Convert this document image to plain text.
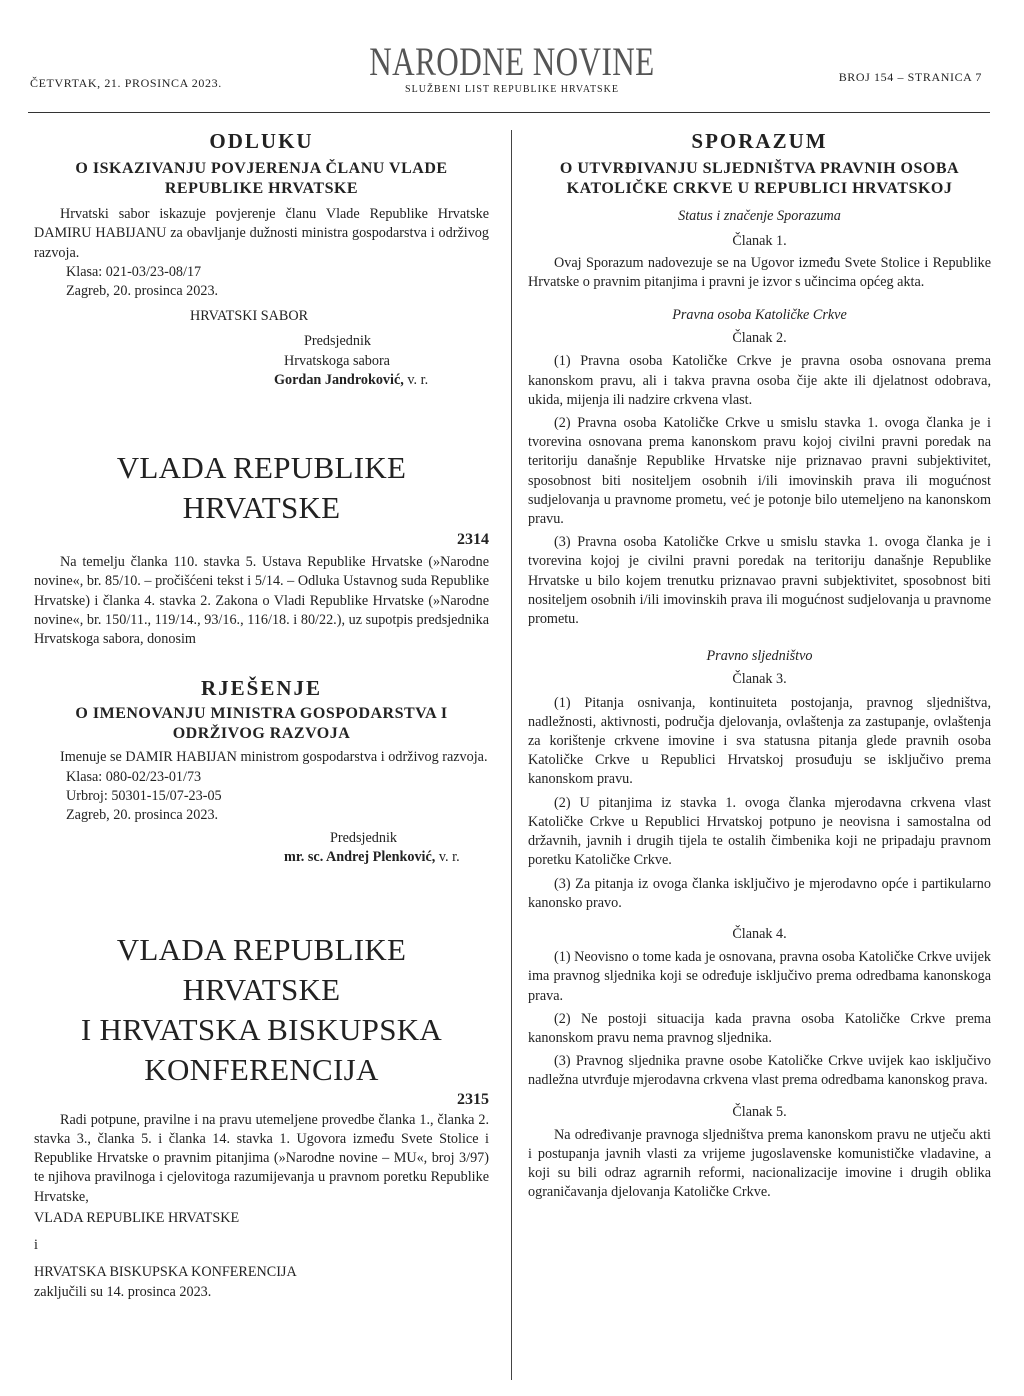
ČETVRTAK, 21. PROSINCA 2023.	NARODNE NOVINE
SLUŽBENI LIST REPUBLIKE HRVATSKE
BROJ 154 – STRANICA 7
ODLUKU
O ISKAZIVANJU POVJERENJA ČLANU VLADE REPUBLIKE HRVATSKE

Hrvatski sabor iskazuje povjerenje članu Vlade Republike Hrvatske DAMIRU HABIJANU za obavljanje dužnosti ministra gospodarstva i održivog razvoja.

Klasa: 021-03/23-08/17
Zagreb, 20. prosinca 2023.
HRVATSKI SABOR
Predsjednik
Hrvatskoga sabora
Gordan Jandroković, v. r.
VLADA REPUBLIKE HRVATSKE
2314

Na temelju članka 110. stavka 5. Ustava Republike Hrvatske (»Narodne novine«, br. 85/10. – pročišćeni tekst i 5/14. – Odluka Ustavnog suda Republike Hrvatske) i članka 4. stavka 2. Zakona o Vladi Republike Hrvatske (»Narodne novine«, br. 150/11., 119/14., 93/16., 116/18. i 80/22.), uz supotpis predsjednika Hrvatskoga sabora, donosim

RJEŠENJE
O IMENOVANJU MINISTRA GOSPODARSTVA I ODRŽIVOG RAZVOJA

Imenuje se DAMIR HABIJAN ministrom gospodarstva i održivog razvoja.

Klasa: 080-02/23-01/73
Urbroj: 50301-15/07-23-05
Zagreb, 20. prosinca 2023.
Predsjednik
mr. sc. Andrej Plenković, v. r.
VLADA REPUBLIKE HRVATSKE
I HRVATSKA BISKUPSKA
KONFERENCIJA
2315

Radi potpune, pravilne i na pravu utemeljene provedbe članka 1., članka 2. stavka 3., članka 5. i članka 14. stavka 1. Ugovora između Svete Stolice i Republike Hrvatske o pravnim pitanjima (»Narodne novine – MU«, broj 3/97) te njihova pravilnoga i cjelovitoga razumijevanja u pravnom poretku Republike Hrvatske,

VLADA REPUBLIKE HRVATSKE
i
HRVATSKA BISKUPSKA KONFERENCIJA
zaključili su 14. prosinca 2023.
SPORAZUM
O UTVRĐIVANJU SLJEDNIŠTVA PRAVNIH OSOBA KATOLIČKE CRKVE U REPUBLICI HRVATSKOJ
Status i značenje Sporazuma
Članak 1.

Ovaj Sporazum nadovezuje se na Ugovor između Svete Stolice i Republike Hrvatske o pravnim pitanjima i pravni je izvor s učincima općeg akta.

Pravna osoba Katoličke Crkve
Članak 2.

(1) Pravna osoba Katoličke Crkve je pravna osoba osnovana prema kanonskom pravu, ali i takva pravna osoba čije akte ili djelatnost odobrava, ukida, mijenja ili nadzire crkvena vlast.

(2) Pravna osoba Katoličke Crkve u smislu stavka 1. ovoga članka je i tvorevina osnovana prema kanonskom pravu kojoj civilni pravni poredak na teritoriju današnje Republike Hrvatske nije priznavao pravni subjektivitet, sposobnost biti nositeljem osobnih i/ili imovinskih prava ili mogućnost sudjelovanja u pravnome prometu, već je potonje bilo utemeljeno na kanonskom pravu.

(3) Pravna osoba Katoličke Crkve u smislu stavka 1. ovoga članka je i tvorevina kojoj je civilni pravni poredak na teritoriju današnje Republike Hrvatske u bilo kojem trenutku priznavao pravni subjektivitet, sposobnost biti nositeljem osobnih i/ili imovinskih prava ili mogućnost sudjelovanja u pravnome prometu.

Pravno sljedništvo
Članak 3.

(1) Pitanja osnivanja, kontinuiteta postojanja, pravnog sljedništva, nadležnosti, aktivnosti, područja djelovanja, ovlaštenja za zastupanje, ovlaštenja za korištenje crkvene imovine i sva statusna pitanja glede pravnih osoba Katoličke Crkve u Republici Hrvatskoj prosuđuju se isključivo prema kanonskom pravu.

(2) U pitanjima iz stavka 1. ovoga članka mjerodavna crkvena vlast Katoličke Crkve u Republici Hrvatskoj potpuno je neovisna i samostalna od državnih, javnih i drugih tijela te ostalih čimbenika koji ne pripadaju pravnom poretku Katoličke Crkve.

(3) Za pitanja iz ovoga članka isključivo je mjerodavno opće i partikularno kanonsko pravo.

Članak 4.

(1) Neovisno o tome kada je osnovana, pravna osoba Katoličke Crkve uvijek ima pravnog sljednika koji se određuje isključivo prema odredbama kanonskoga prava.

(2) Ne postoji situacija kada pravna osoba Katoličke Crkve prema kanonskom pravu nema pravnog sljednika.

(3) Pravnog sljednika pravne osobe Katoličke Crkve uvijek kao isključivo nadležna utvrđuje mjerodavna crkvena vlast prema odredbama kanonskog prava.

Članak 5.

Na određivanje pravnoga sljedništva prema kanonskom pravu ne utječu akti i postupanja javnih vlasti za vrijeme jugoslavenske komunističke vladavine, a koji su bili odraz agrarnih reformi, nacionalizacije imovine i drugih oblika ograničavanja djelovanja Katoličke Crkve.
